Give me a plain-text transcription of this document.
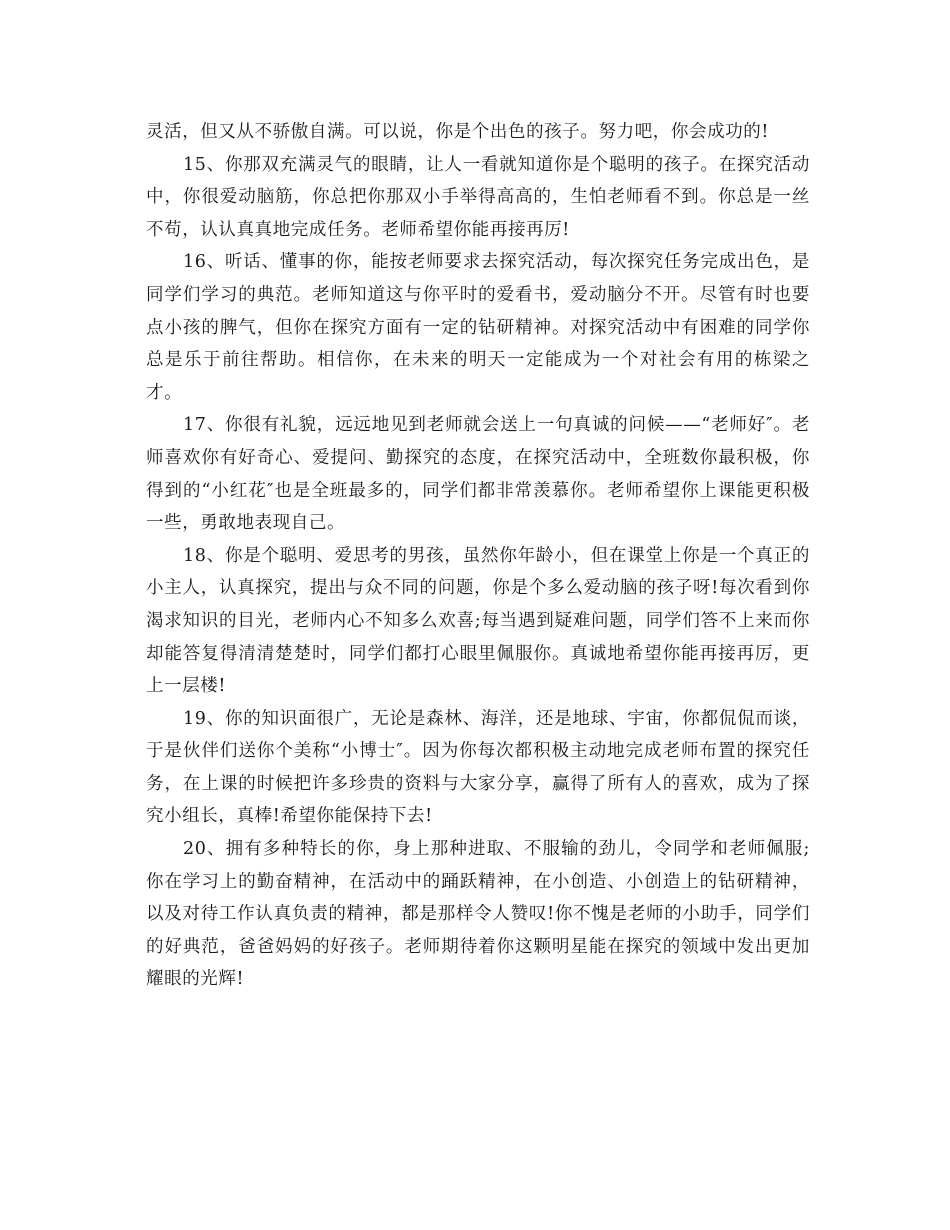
灵活，但又从不骄傲自满。可以说，你是个出色的孩子。努力吧，你会成功的!

15、你那双充满灵气的眼睛，让人一看就知道你是个聪明的孩子。在探究活动中，你很爱动脑筋，你总把你那双小手举得高高的，生怕老师看不到。你总是一丝不苟，认认真真地完成任务。老师希望你能再接再厉!

16、听话、懂事的你，能按老师要求去探究活动，每次探究任务完成出色，是同学们学习的典范。老师知道这与你平时的爱看书，爱动脑分不开。尽管有时也要点小孩的脾气，但你在探究方面有一定的钻研精神。对探究活动中有困难的同学你总是乐于前往帮助。相信你，在未来的明天一定能成为一个对社会有用的栋梁之才。

17、你很有礼貌，远远地见到老师就会送上一句真诚的问候——“老师好″。老师喜欢你有好奇心、爱提问、勤探究的态度，在探究活动中，全班数你最积极，你得到的“小红花″也是全班最多的，同学们都非常羡慕你。老师希望你上课能更积极一些，勇敢地表现自己。

18、你是个聪明、爱思考的男孩，虽然你年龄小，但在课堂上你是一个真正的小主人，认真探究，提出与众不同的问题，你是个多么爱动脑的孩子呀!每次看到你渴求知识的目光，老师内心不知多么欢喜;每当遇到疑难问题，同学们答不上来而你却能答复得清清楚楚时，同学们都打心眼里佩服你。真诚地希望你能再接再厉，更上一层楼!

19、你的知识面很广，无论是森林、海洋，还是地球、宇宙，你都侃侃而谈，于是伙伴们送你个美称“小博士″。因为你每次都积极主动地完成老师布置的探究任务，在上课的时候把许多珍贵的资料与大家分享，赢得了所有人的喜欢，成为了探究小组长，真棒!希望你能保持下去!

20、拥有多种特长的你，身上那种进取、不服输的劲儿，令同学和老师佩服;你在学习上的勤奋精神，在活动中的踊跃精神，在小创造、小创造上的钻研精神，以及对待工作认真负责的精神，都是那样令人赞叹!你不愧是老师的小助手，同学们的好典范，爸爸妈妈的好孩子。老师期待着你这颗明星能在探究的领域中发出更加耀眼的光辉!
